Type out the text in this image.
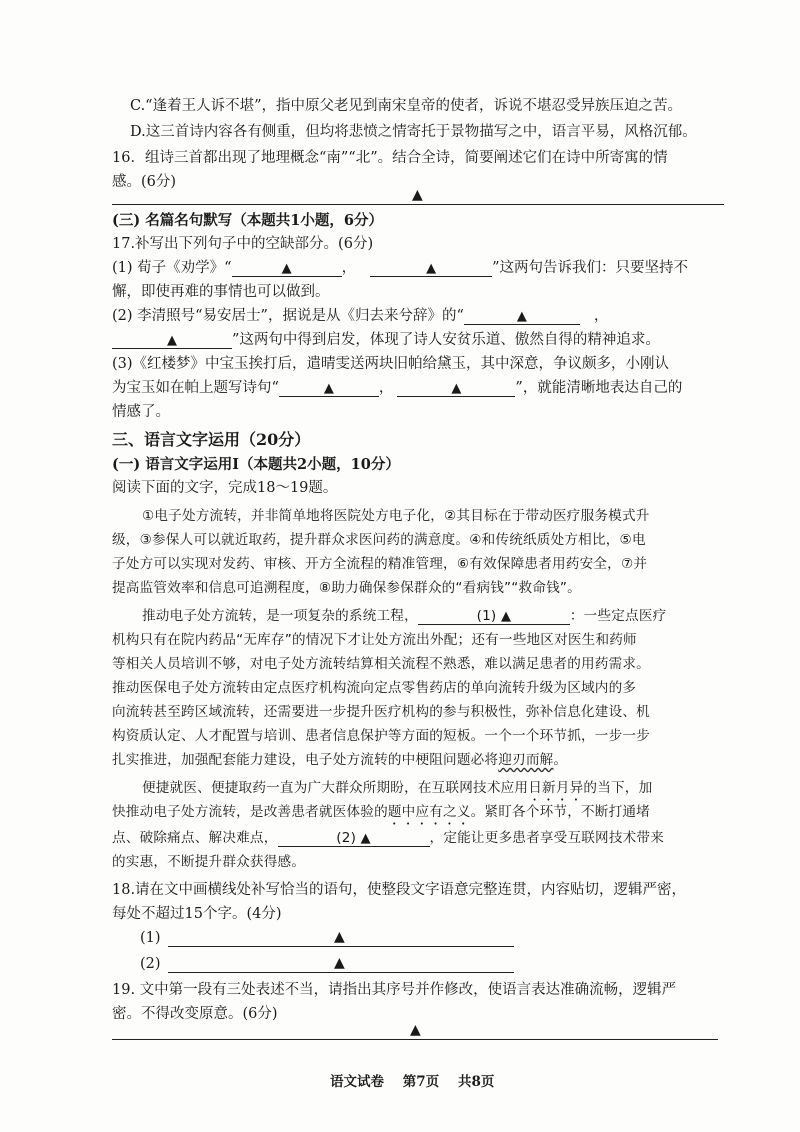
C.“逢着王人诉不堪”，指中原父老见到南宋皇帝的使者，诉说不堪忍受异族压迫之苦。
D.这三首诗内容各有侧重，但均将悲愤之情寄托于景物描写之中，语言平易，风格沉郁。
16．组诗三首都出现了地理概念“南”“北”。结合全诗，简要阐述它们在诗中所寄寓的情
感。(6分)
▲
(三) 名篇名句默写（本题共1小题，6分）
17.补写出下列句子中的空缺部分。(6分)
(1) 荀子《劝学》“	▲	，	▲	”这两句告诉我们：只要坚持不
懈，即使再难的事情也可以做到。
(2) 李清照号“易安居士”，据说是从《归去来兮辞》的“	▲	，
▲	”这两句中得到启发，体现了诗人安贫乐道、傲然自得的精神追求。
(3)《红楼梦》中宝玉挨打后，遣晴雯送两块旧帕给黛玉，其中深意，争议颇多，小刚认
为宝玉如在帕上题写诗句“	▲	，	▲	”，就能清晰地表达自己的
情感了。
三、语言文字运用（20分）
(一) 语言文字运用Ⅰ（本题共2小题，10分）
阅读下面的文字，完成18～19题。
①电子处方流转，并非简单地将医院处方电子化，②其目标在于带动医疗服务模式升
级，③参保人可以就近取药，提升群众求医问药的满意度。④和传统纸质处方相比，⑤电
子处方可以实现对发药、审核、开方全流程的精准管理，⑥有效保障患者用药安全，⑦并
提高监管效率和信息可追溯程度，⑧助力确保参保群众的“看病钱”“救命钱”。
推动电子处方流转，是一项复杂的系统工程，	(1) ▲	：一些定点医疗
机构只有在院内药品“无库存”的情况下才让处方流出外配；还有一些地区对医生和药师
等相关人员培训不够，对电子处方流转结算相关流程不熟悉，难以满足患者的用药需求。
推动医保电子处方流转由定点医疗机构流向定点零售药店的单向流转升级为区域内的多
向流转甚至跨区域流转，还需要进一步提升医疗机构的参与积极性，弥补信息化建设、机
构资质认定、人才配置与培训、患者信息保护等方面的短板。一个一个环节抓，一步一步
扎实推进，加强配套能力建设，电子处方流转的中梗阻问题必将迎刃而解。
便捷就医、便捷取药一直为广大群众所期盼，在互联网技术应用日新月异的当下，加
快推动电子处方流转，是改善患者就医体验的题中应有之义。紧盯各个环节，不断打通堵
点、破除痛点、解决难点，	(2) ▲	，定能让更多患者享受互联网技术带来
的实惠，不断提升群众获得感。
18.请在文中画横线处补写恰当的语句，使整段文字语意完整连贯，内容贴切，逻辑严密，
每处不超过15个字。(4分)
(1)	▲
(2)	▲
19. 文中第一段有三处表述不当，请指出其序号并作修改，使语言表达准确流畅，逻辑严
密。不得改变原意。(6分)
▲
语文试卷    第7页    共8页
